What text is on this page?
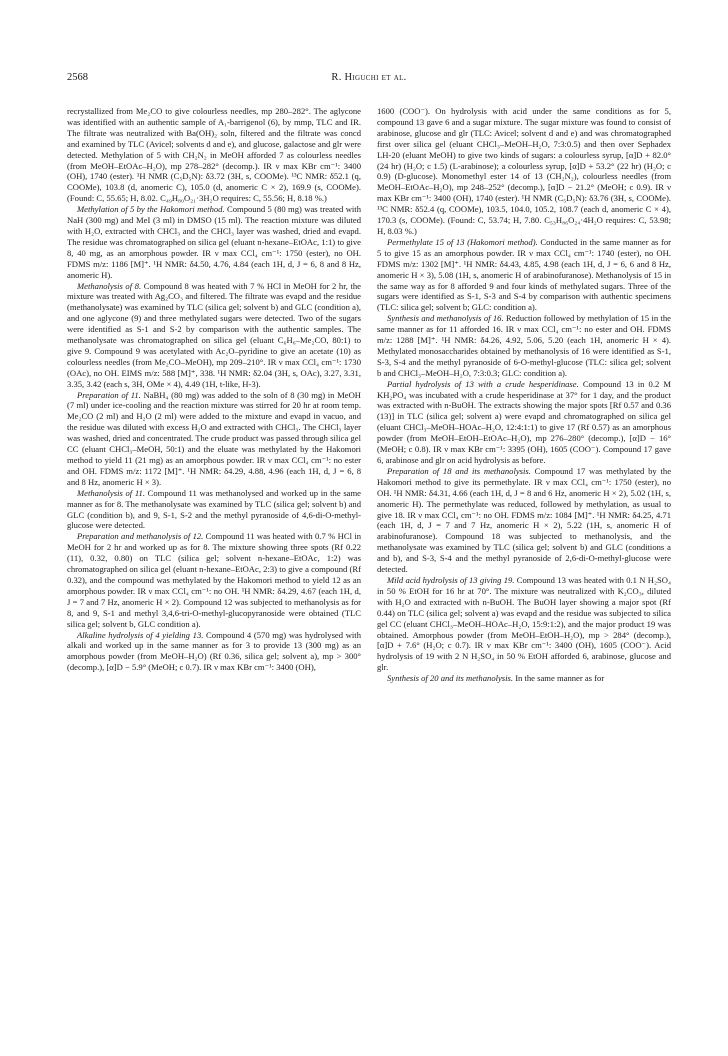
2568	R. Higuchi et al.

recrystallized from Me₂CO to give colourless needles, mp 280–282°. The aglycone was identified with an authentic sample of A₁-barrigenol (6), by mmp, TLC and IR. The filtrate was neutralized with Ba(OH)₂ soln, filtered and the filtrate was concd and examined by TLC (Avicel; solvents d and e), and glucose, galactose and glr were detected. Methylation of 5 with CH₂N₂ in MeOH afforded 7 as colourless needles (from MeOH–EtOAc–H₂O), mp 278–282° (decomp.). IR ν max KBr cm⁻¹: 3400 (OH), 1740 (ester). ¹H NMR (C₅D₅N): δ3.72 (3H, s, COOMe). ¹³C NMR: δ52.1 (q, COOMe), 103.8 (d, anomeric C), 105.0 (d, anomeric C × 2), 169.9 (s, COOMe). (Found: C, 55.65; H, 8.02. C₄₉H₈₀O₂₁·3H₂O requires: C, 55.56; H, 8.18 %.)

Methylation of 5 by the Hakomori method. Compound 5 (80 mg) was treated with NaH (300 mg) and MeI (3 ml) in DMSO (15 ml). The reaction mixture was diluted with H₂O, extracted with CHCl₃ and the CHCl₃ layer was washed, dried and evapd. The residue was chromatographed on silica gel (eluant n-hexane–EtOAc, 1:1) to give 8, 40 mg, as an amorphous powder. IR ν max CCl₄ cm⁻¹: 1750 (ester), no OH. FDMS m/z: 1186 [M]⁺. ¹H NMR: δ4.50, 4.76, 4.84 (each 1H, d, J = 6, 8 and 8 Hz, anomeric H).

Methanolysis of 8. Compound 8 was heated with 7 % HCl in MeOH for 2 hr, the mixture was treated with Ag₂CO₃ and filtered. The filtrate was evapd and the residue (methanolysate) was examined by TLC (silica gel; solvent b) and GLC (condition a), and one aglycone (9) and three methylated sugars were detected. Two of the sugars were identified as S-1 and S-2 by comparison with the authentic samples. The methanolysate was chromatographed on silica gel (eluant C₆H₆–Me₂CO, 80:1) to give 9. Compound 9 was acetylated with Ac₂O–pyridine to give an acetate (10) as colourless needles (from Me₂CO–MeOH), mp 209–210°. IR ν max CCl₄ cm⁻¹: 1730 (OAc), no OH. EIMS m/z: 588 [M]⁺, 338. ¹H NMR: δ2.04 (3H, s, OAc), 3.27, 3.31, 3.35, 3.42 (each s, 3H, OMe × 4), 4.49 (1H, t-like, H-3).

Preparation of 11. NaBH₄ (80 mg) was added to the soln of 8 (30 mg) in MeOH (7 ml) under ice-cooling and the reaction mixture was stirred for 20 hr at room temp. Me₂CO (2 ml) and H₂O (2 ml) were added to the mixture and evapd in vacuo, and the residue was diluted with excess H₂O and extracted with CHCl₃. The CHCl₃ layer was washed, dried and concentrated. The crude product was passed through silica gel CC (eluant CHCl₃–MeOH, 50:1) and the eluate was methylated by the Hakomori method to yield 11 (21 mg) as an amorphous powder. IR ν max CCl₄ cm⁻¹: no ester and OH. FDMS m/z: 1172 [M]⁺. ¹H NMR: δ4.29, 4.88, 4.96 (each 1H, d, J = 6, 8 and 8 Hz, anomeric H × 3).

Methanolysis of 11. Compound 11 was methanolysed and worked up in the same manner as for 8. The methanolysate was examined by TLC (silica gel; solvent b) and GLC (condition b), and 9, S-1, S-2 and the methyl pyranoside of 4,6-di-O-methyl-glucose were detected.

Preparation and methanolysis of 12. Compound 11 was heated with 0.7 % HCl in MeOH for 2 hr and worked up as for 8. The mixture showing three spots (Rf 0.22 (11), 0.32, 0.80) on TLC (silica gel; solvent n-hexane–EtOAc, 1:2) was chromatographed on silica gel (eluant n-hexane–EtOAc, 2:3) to give a compound (Rf 0.32), and the compound was methylated by the Hakomori method to yield 12 as an amorphous powder. IR ν max CCl₄ cm⁻¹: no OH. ¹H NMR: δ4.29, 4.67 (each 1H, d, J = 7 and 7 Hz, anomeric H × 2). Compound 12 was subjected to methanolysis as for 8, and 9, S-1 and methyl 3,4,6-tri-O-methyl-glucopyranoside were obtained (TLC silica gel; solvent b, GLC condition a).

Alkaline hydrolysis of 4 yielding 13. Compound 4 (570 mg) was hydrolysed with alkali and worked up in the same manner as for 3 to provide 13 (300 mg) as an amorphous powder (from MeOH–H₂O) (Rf 0.36, silica gel; solvent a), mp > 300° (decomp.), [α]D − 5.9° (MeOH; c 0.7). IR ν max KBr cm⁻¹: 3400 (OH),

1600 (COO⁻). On hydrolysis with acid under the same conditions as for 5, compound 13 gave 6 and a sugar mixture. The sugar mixture was found to consist of arabinose, glucose and glr (TLC: Avicel; solvent d and e) and was chromatographed first over silica gel (eluant CHCl₃–MeOH–H₂O, 7:3:0.5) and then over Sephadex LH-20 (eluant MeOH) to give two kinds of sugars: a colourless syrup, [α]D + 82.0° (24 hr) (H₂O; c 1.5) (L-arabinose); a colourless syrup, [α]D + 53.2° (22 hr) (H₂O; c 0.9) (D-glucose). Monomethyl ester 14 of 13 (CH₂N₂), colourless needles (from MeOH–EtOAc–H₂O), mp 248–252° (decomp.), [α]D − 21.2° (MeOH; c 0.9). IR ν max KBr cm⁻¹: 3400 (OH), 1740 (ester). ¹H NMR (C₅D₅N): δ3.76 (3H, s, COOMe). ¹³C NMR: δ52.4 (q, COOMe), 103.5, 104.0, 105.2, 108.7 (each d, anomeric C × 4), 170.3 (s, COOMe). (Found: C, 53.74; H, 7.80. C₅₃H₈₆O₂₄·4H₂O requires: C, 53.98; H, 8.03 %.)

Permethylate 15 of 13 (Hakomori method). Conducted in the same manner as for 5 to give 15 as an amorphous powder. IR ν max CCl₄ cm⁻¹: 1740 (ester), no OH. FDMS m/z: 1302 [M]⁺. ¹H NMR: δ4.43, 4.85, 4.98 (each 1H, d, J = 6, 6 and 8 Hz, anomeric H × 3), 5.08 (1H, s, anomeric H of arabinofuranose). Methanolysis of 15 in the same way as for 8 afforded 9 and four kinds of methylated sugars. Three of the sugars were identified as S-1, S-3 and S-4 by comparison with authentic specimens (TLC: silica gel; solvent b; GLC: condition a).

Synthesis and methanolysis of 16. Reduction followed by methylation of 15 in the same manner as for 11 afforded 16. IR ν max CCl₄ cm⁻¹: no ester and OH. FDMS m/z: 1288 [M]⁺. ¹H NMR: δ4.26, 4.92, 5.06, 5.20 (each 1H, anomeric H × 4). Methylated monosaccharides obtained by methanolysis of 16 were identified as S-1, S-3, S-4 and the methyl pyranoside of 6-O-methyl-glucose (TLC: silica gel; solvent b and CHCl₃–MeOH–H₂O, 7:3:0.3; GLC: condition a).

Partial hydrolysis of 13 with a crude hesperidinase. Compound 13 in 0.2 M KH₂PO₄ was incubated with a crude hesperidinase at 37° for 1 day, and the product was extracted with n-BuOH. The extracts showing the major spots [Rf 0.57 and 0.36 (13)] in TLC (silica gel; solvent a) were evapd and chromatographed on silica gel (eluant CHCl₃–MeOH–HOAc–H₂O, 12:4:1:1) to give 17 (Rf 0.57) as an amorphous powder (from MeOH–EtOH–EtOAc–H₂O), mp 276–280° (decomp.), [α]D − 16° (MeOH; c 0.8). IR ν max KBr cm⁻¹: 3395 (OH), 1605 (COO⁻). Compound 17 gave 6, arabinose and glr on acid hydrolysis as before.

Preparation of 18 and its methanolysis. Compound 17 was methylated by the Hakomori method to give its permethylate. IR ν max CCl₄ cm⁻¹: 1750 (ester), no OH. ¹H NMR: δ4.31, 4.66 (each 1H, d, J = 8 and 6 Hz, anomeric H × 2), 5.02 (1H, s, anomeric H). The permethylate was reduced, followed by methylation, as usual to give 18. IR ν max CCl₄ cm⁻¹: no OH. FDMS m/z: 1084 [M]⁺. ¹H NMR: δ4.25, 4.71 (each 1H, d, J = 7 and 7 Hz, anomeric H × 2), 5.22 (1H, s, anomeric H of arabinofuranose). Compound 18 was subjected to methanolysis, and the methanolysate was examined by TLC (silica gel; solvent b) and GLC (conditions a and b), and S-3, S-4 and the methyl pyranoside of 2,6-di-O-methyl-glucose were detected.

Mild acid hydrolysis of 13 giving 19. Compound 13 was heated with 0.1 N H₂SO₄ in 50 % EtOH for 16 hr at 70°. The mixture was neutralized with K₂CO₃, diluted with H₂O and extracted with n-BuOH. The BuOH layer showing a major spot (Rf 0.44) on TLC (silica gel; solvent a) was evapd and the residue was subjected to silica gel CC (eluant CHCl₃–MeOH–HOAc–H₂O, 15:9:1:2), and the major product 19 was obtained. Amorphous powder (from MeOH–EtOH–H₂O), mp > 284° (decomp.), [α]D + 7.6° (H₂O; c 0.7). IR ν max KBr cm⁻¹: 3400 (OH), 1605 (COO⁻). Acid hydrolysis of 19 with 2 N H₂SO₄ in 50 % EtOH afforded 6, arabinose, glucose and glr.

Synthesis of 20 and its methanolysis. In the same manner as for
